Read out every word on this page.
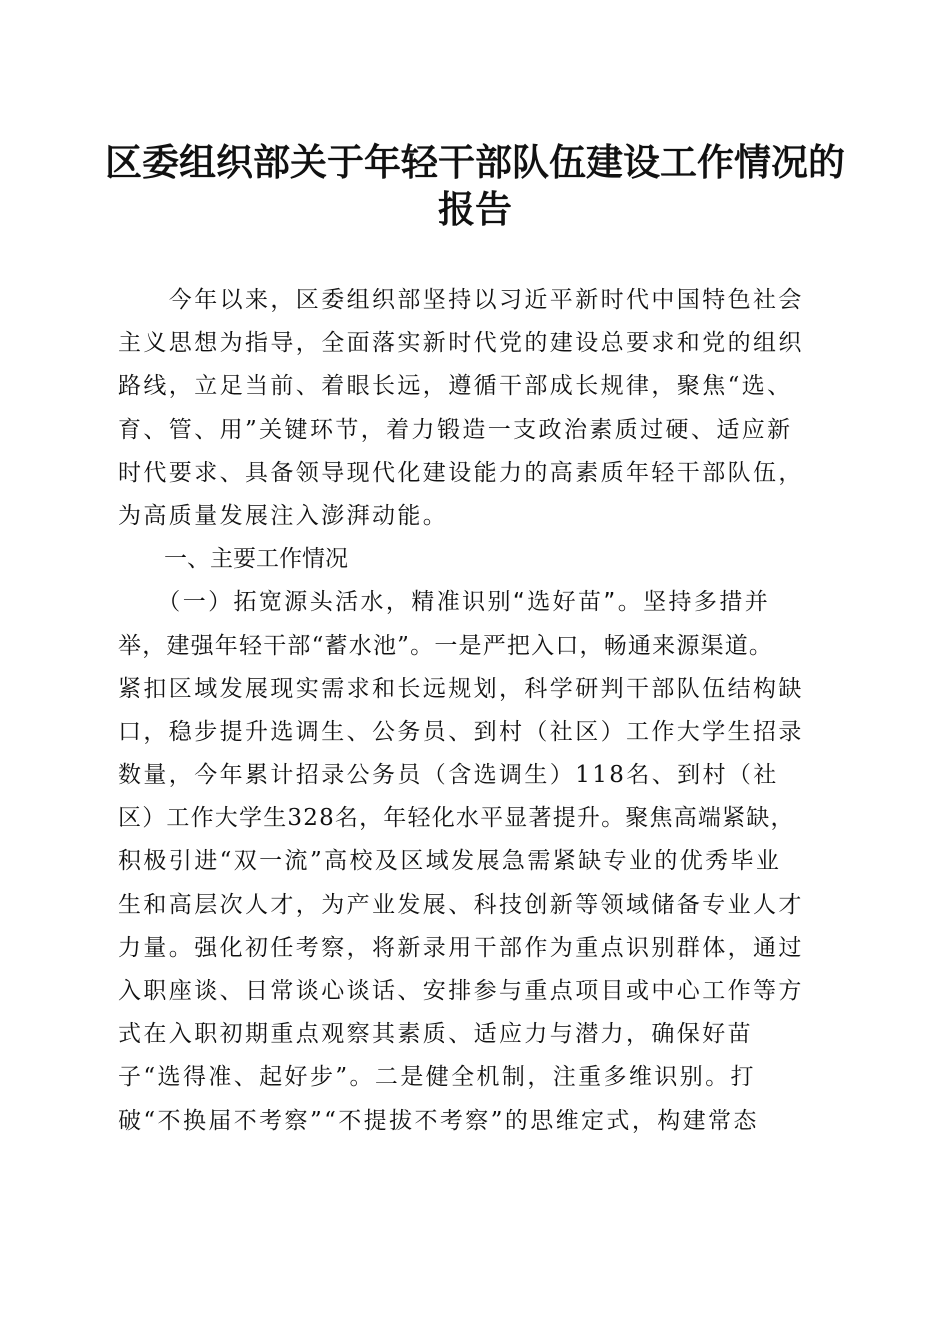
区委组织部关于年轻干部队伍建设工作情况的
报告
　　今年以来，区委组织部坚持以习近平新时代中国特色社会
主义思想为指导，全面落实新时代党的建设总要求和党的组织
路线，立足当前、着眼长远，遵循干部成长规律，聚焦“选、
育、管、用”关键环节，着力锻造一支政治素质过硬、适应新
时代要求、具备领导现代化建设能力的高素质年轻干部队伍，
为高质量发展注入澎湃动能。
　　一、主要工作情况
　　（一）拓宽源头活水，精准识别“选好苗”。坚持多措并
举，建强年轻干部“蓄水池”。一是严把入口，畅通来源渠道。
紧扣区域发展现实需求和长远规划，科学研判干部队伍结构缺
口，稳步提升选调生、公务员、到村（社区）工作大学生招录
数量，今年累计招录公务员（含选调生）118名、到村（社
区）工作大学生328名，年轻化水平显著提升。聚焦高端紧缺，
积极引进“双一流”高校及区域发展急需紧缺专业的优秀毕业
生和高层次人才，为产业发展、科技创新等领域储备专业人才
力量。强化初任考察，将新录用干部作为重点识别群体，通过
入职座谈、日常谈心谈话、安排参与重点项目或中心工作等方
式在入职初期重点观察其素质、适应力与潜力，确保好苗
子“选得准、起好步”。二是健全机制，注重多维识别。打
破“不换届不考察”“不提拔不考察”的思维定式，构建常态
